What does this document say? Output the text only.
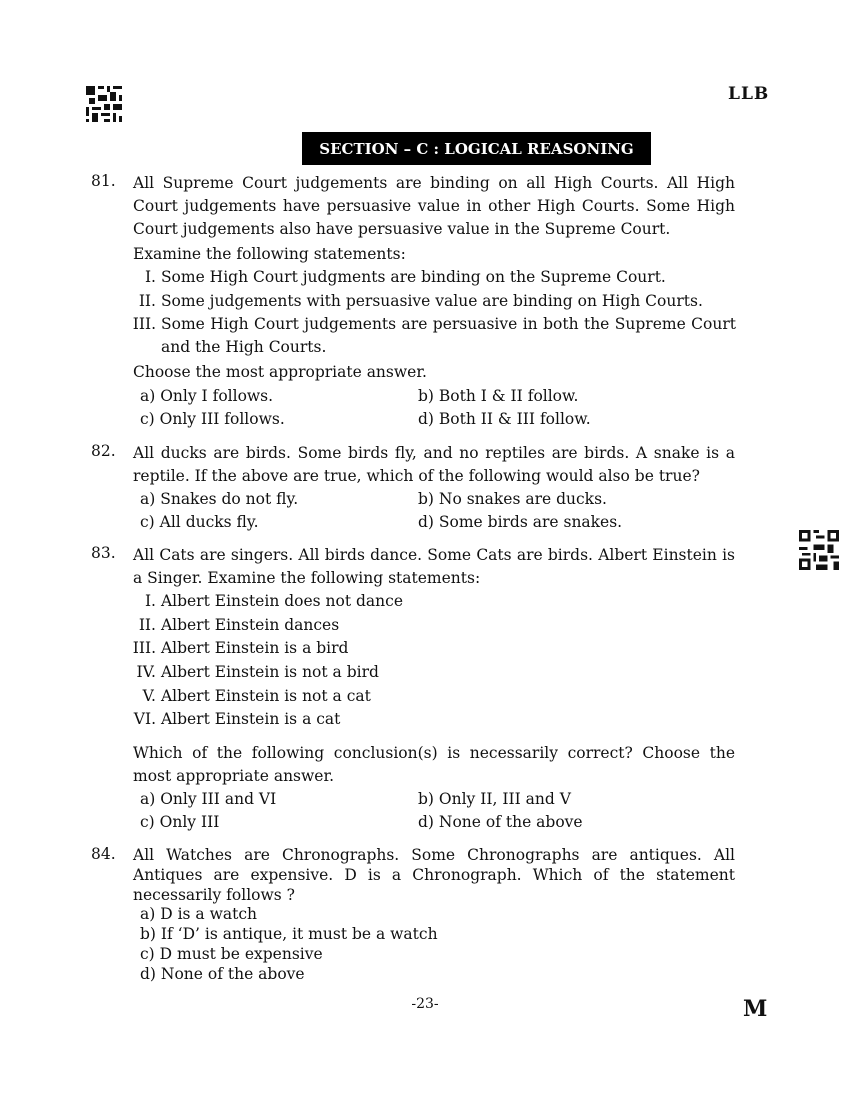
LLB
SECTION – C : LOGICAL REASONING
81. All Supreme Court judgements are binding on all High Courts. All High Court judgements have persuasive value in other High Courts. Some High Court judgements also have persuasive value in the Supreme Court.
Examine the following statements:
I. Some High Court judgments are binding on the Supreme Court.
II. Some judgements with persuasive value are binding on High Courts.
III. Some High Court judgements are persuasive in both the Supreme Court and the High Courts.
Choose the most appropriate answer.
a) Only I follows.	b) Both I & II follow.
c) Only III follows.	d) Both II & III follow.
82. All ducks are birds. Some birds fly, and no reptiles are birds. A snake is a reptile. If the above are true, which of the following would also be true?
a) Snakes do not fly.	b) No snakes are ducks.
c) All ducks fly.	d) Some birds are snakes.
83. All Cats are singers. All birds dance. Some Cats are birds. Albert Einstein is a Singer. Examine the following statements:
I. Albert Einstein does not dance
II. Albert Einstein dances
III. Albert Einstein is a bird
IV. Albert Einstein is not a bird
V. Albert Einstein is not a cat
VI. Albert Einstein is a cat
Which of the following conclusion(s) is necessarily correct? Choose the most appropriate answer.
a) Only III and VI	b) Only II, III and V
c) Only III	d) None of the above
84. All Watches are Chronographs. Some Chronographs are antiques. All Antiques are expensive. D is a Chronograph. Which of the statement necessarily follows ?
a) D is a watch
b) If ‘D’ is antique, it must be a watch
c) D must be expensive
d) None of the above
-23-	M
